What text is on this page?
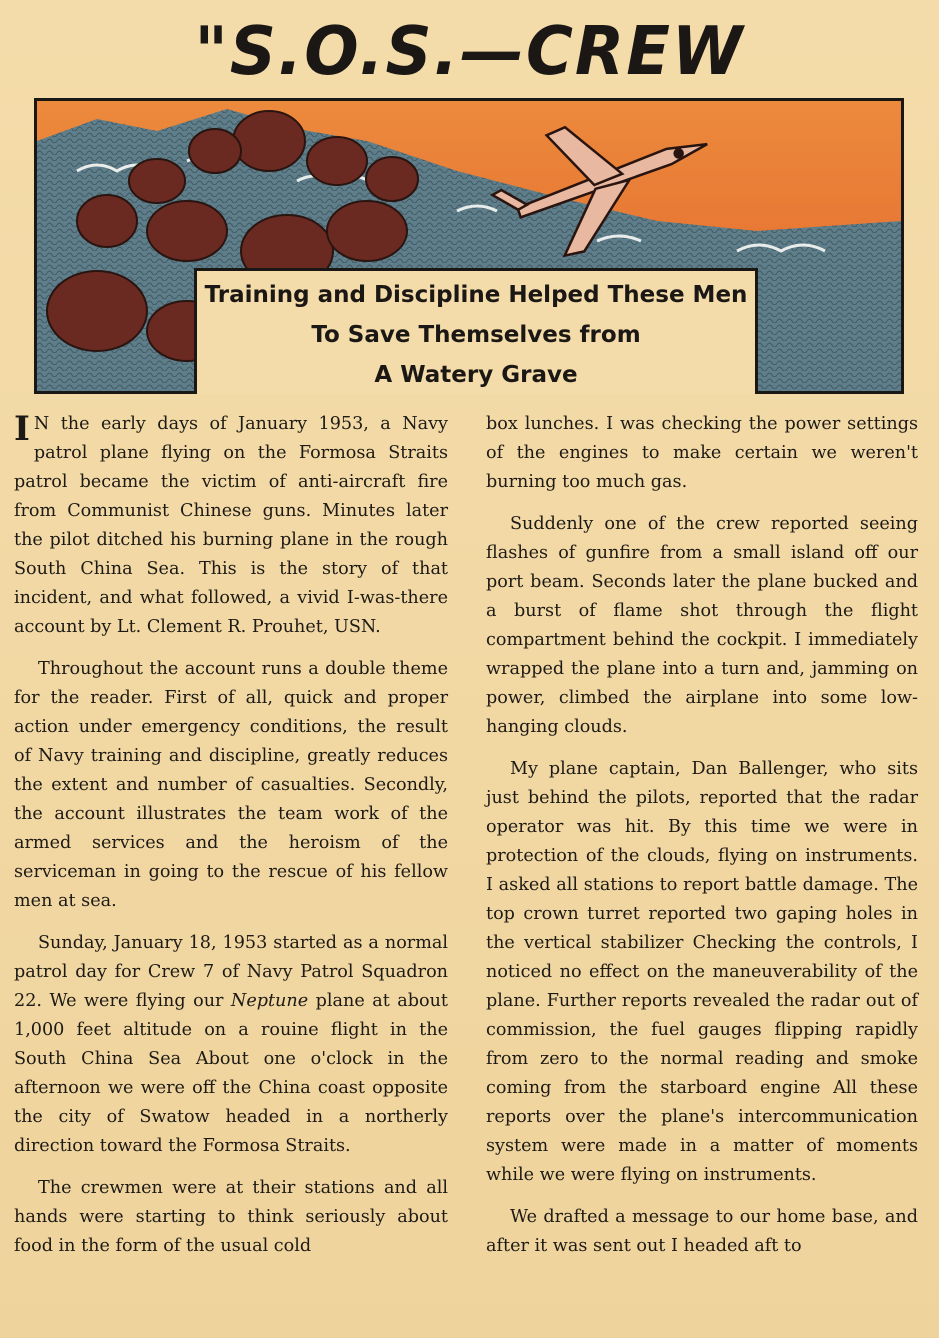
"S.O.S.—CREW
Training and Discipline Helped These Men
To Save Themselves from
A Watery Grave

I N the early days of January 1953, a Navy patrol plane flying on the Formosa Straits patrol became the victim of anti-aircraft fire from Communist Chinese guns. Minutes later the pilot ditched his burning plane in the rough South China Sea. This is the story of that incident, and what followed, a vivid I-was-there account by Lt. Clement R. Prouhet, USN.

Throughout the account runs a double theme for the reader. First of all, quick and proper action under emergency conditions, the result of Navy training and discipline, greatly reduces the extent and number of casualties. Secondly, the account illustrates the team work of the armed services and the heroism of the serviceman in going to the rescue of his fellow men at sea.

Sunday, January 18, 1953 started as a normal patrol day for Crew 7 of Navy Patrol Squadron 22. We were flying our Neptune plane at about 1,000 feet altitude on a rouine flight in the South China Sea About one o'clock in the afternoon we were off the China coast opposite the city of Swatow headed in a northerly direction toward the Formosa Straits.

The crewmen were at their stations and all hands were starting to think seriously about food in the form of the usual cold

box lunches. I was checking the power settings of the engines to make certain we weren't burning too much gas.

Suddenly one of the crew reported seeing flashes of gunfire from a small island off our port beam. Seconds later the plane bucked and a burst of flame shot through the flight compartment behind the cockpit. I immediately wrapped the plane into a turn and, jamming on power, climbed the airplane into some low-hanging clouds.

My plane captain, Dan Ballenger, who sits just behind the pilots, reported that the radar operator was hit. By this time we were in protection of the clouds, flying on instruments. I asked all stations to report battle damage. The top crown turret reported two gaping holes in the vertical stabilizer Checking the controls, I noticed no effect on the maneuverability of the plane. Further reports revealed the radar out of commission, the fuel gauges flipping rapidly from zero to the normal reading and smoke coming from the starboard engine All these reports over the plane's intercommunication system were made in a matter of moments while we were flying on instruments.

We drafted a message to our home base, and after it was sent out I headed aft to
